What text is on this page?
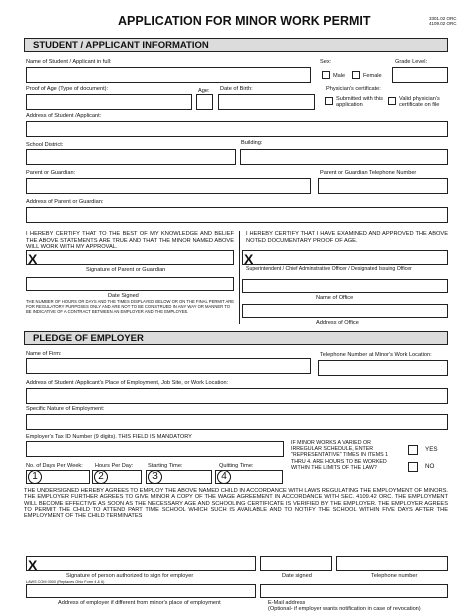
3301.02 ORC
4109.02 ORC
APPLICATION FOR MINOR WORK PERMIT
STUDENT / APPLICANT INFORMATION
Name of Student / Applicant in full:	Sex:
Male	Female
Grade Level:
Proof of Age (Type of document):	Age: Date of Birth:	Physician's certificate:
Submitted with this application
Valid physician's certificate on file
Address of Student /Applicant:
School District:	Building:
Parent or Guardian:	Parent or Guardian Telephone Number
Address of Parent or Guardian:
I HEREBY CERTIFY THAT TO THE BEST OF MY KNOWLEDGE AND BELIEF THE ABOVE STATEMENTS ARE TRUE AND THAT THE MINOR NAMED ABOVE WILL WORK WITH MY APPROVAL.
I HEREBY CERTIFY THAT I HAVE EXAMINED AND APPROVED THE ABOVE NOTED DOCUMENTARY PROOF OF AGE.
X
Signature of Parent or Guardian
X
Superintendent / Chief Adminstrative Officer / Designated Issuing Officer
Date Signed
THE NUMBER OF HOURS OR DAYS AND THE TIMES DISPLAYED BELOW OR ON THE FINAL PERMIT ARE FOR REGULATORY PURPOSES ONLY AND ARE NOT TO BE CONSTRUED IN ANY WAY OR MANNER TO BE INDICATIVE OF A CONTRACT BETWEEN AN EMPLOYER AND THE EMPLOYEE.
Name of Office
Address of Office
PLEDGE OF EMPLOYER
Name of Firm:	Telephone Number at Minor's Work Location:
Address of Student /Applicant's Place of Employment, Job Site, or Work Location:
Specific Nature of Employment:
Employer's Tax ID Number (9 digits). THIS FIELD IS MANDATORY
IF MINOR WORKS A VARIED OR IRREGULAR SCHEDULE, ENTER "REPRESENTATIVE" TIMES IN ITEMS 1 THRU 4. ARE HOURS TO BE WORKED WITHIN THE LIMITS OF THE LAW?
YES
NO
No. of Days Per Week: Hours Per Day:	Starting Time:	Quitting Time:
1	2	3	4
THE UNDERSIGNED HEREBY AGREES TO EMPLOY THE ABOVE NAMED CHILD IN ACCORDANCE WITH LAWS REGULATING THE EMPLOYMENT OF MINORS. THE EMPLOYER FURTHER AGREES TO GIVE MINOR A COPY OF THE WAGE AGREEMENT IN ACCORDANCE WITH SEC. 4109.42 ORC. THE EMPLOYMENT WILL BECOME EFFECTIVE AS SOON AS THE NECESSARY AGE AND SCHOOLING CERTIFICATE IS VERIFIED BY THE EMPLOYER. THE EMPLOYER AGREES TO PERMIT THE CHILD TO ATTEND PART TIME SCHOOL WHICH SUCH IS AVAILABLE AND TO NOTIFY THE SCHOOL WITHIN FIVE DAYS AFTER THE EMPLOYMENT OF THE CHILD TERMINATES
X
Signature of person authorized to sign for employer	Date signed	Telephone number
LAWS COM 0000 (Replaces Ohio Form 4 & 6)
Address of employer if different from minor's place of employment	E-Mail address
(Optional- if employer wants notification in case of revocation)
